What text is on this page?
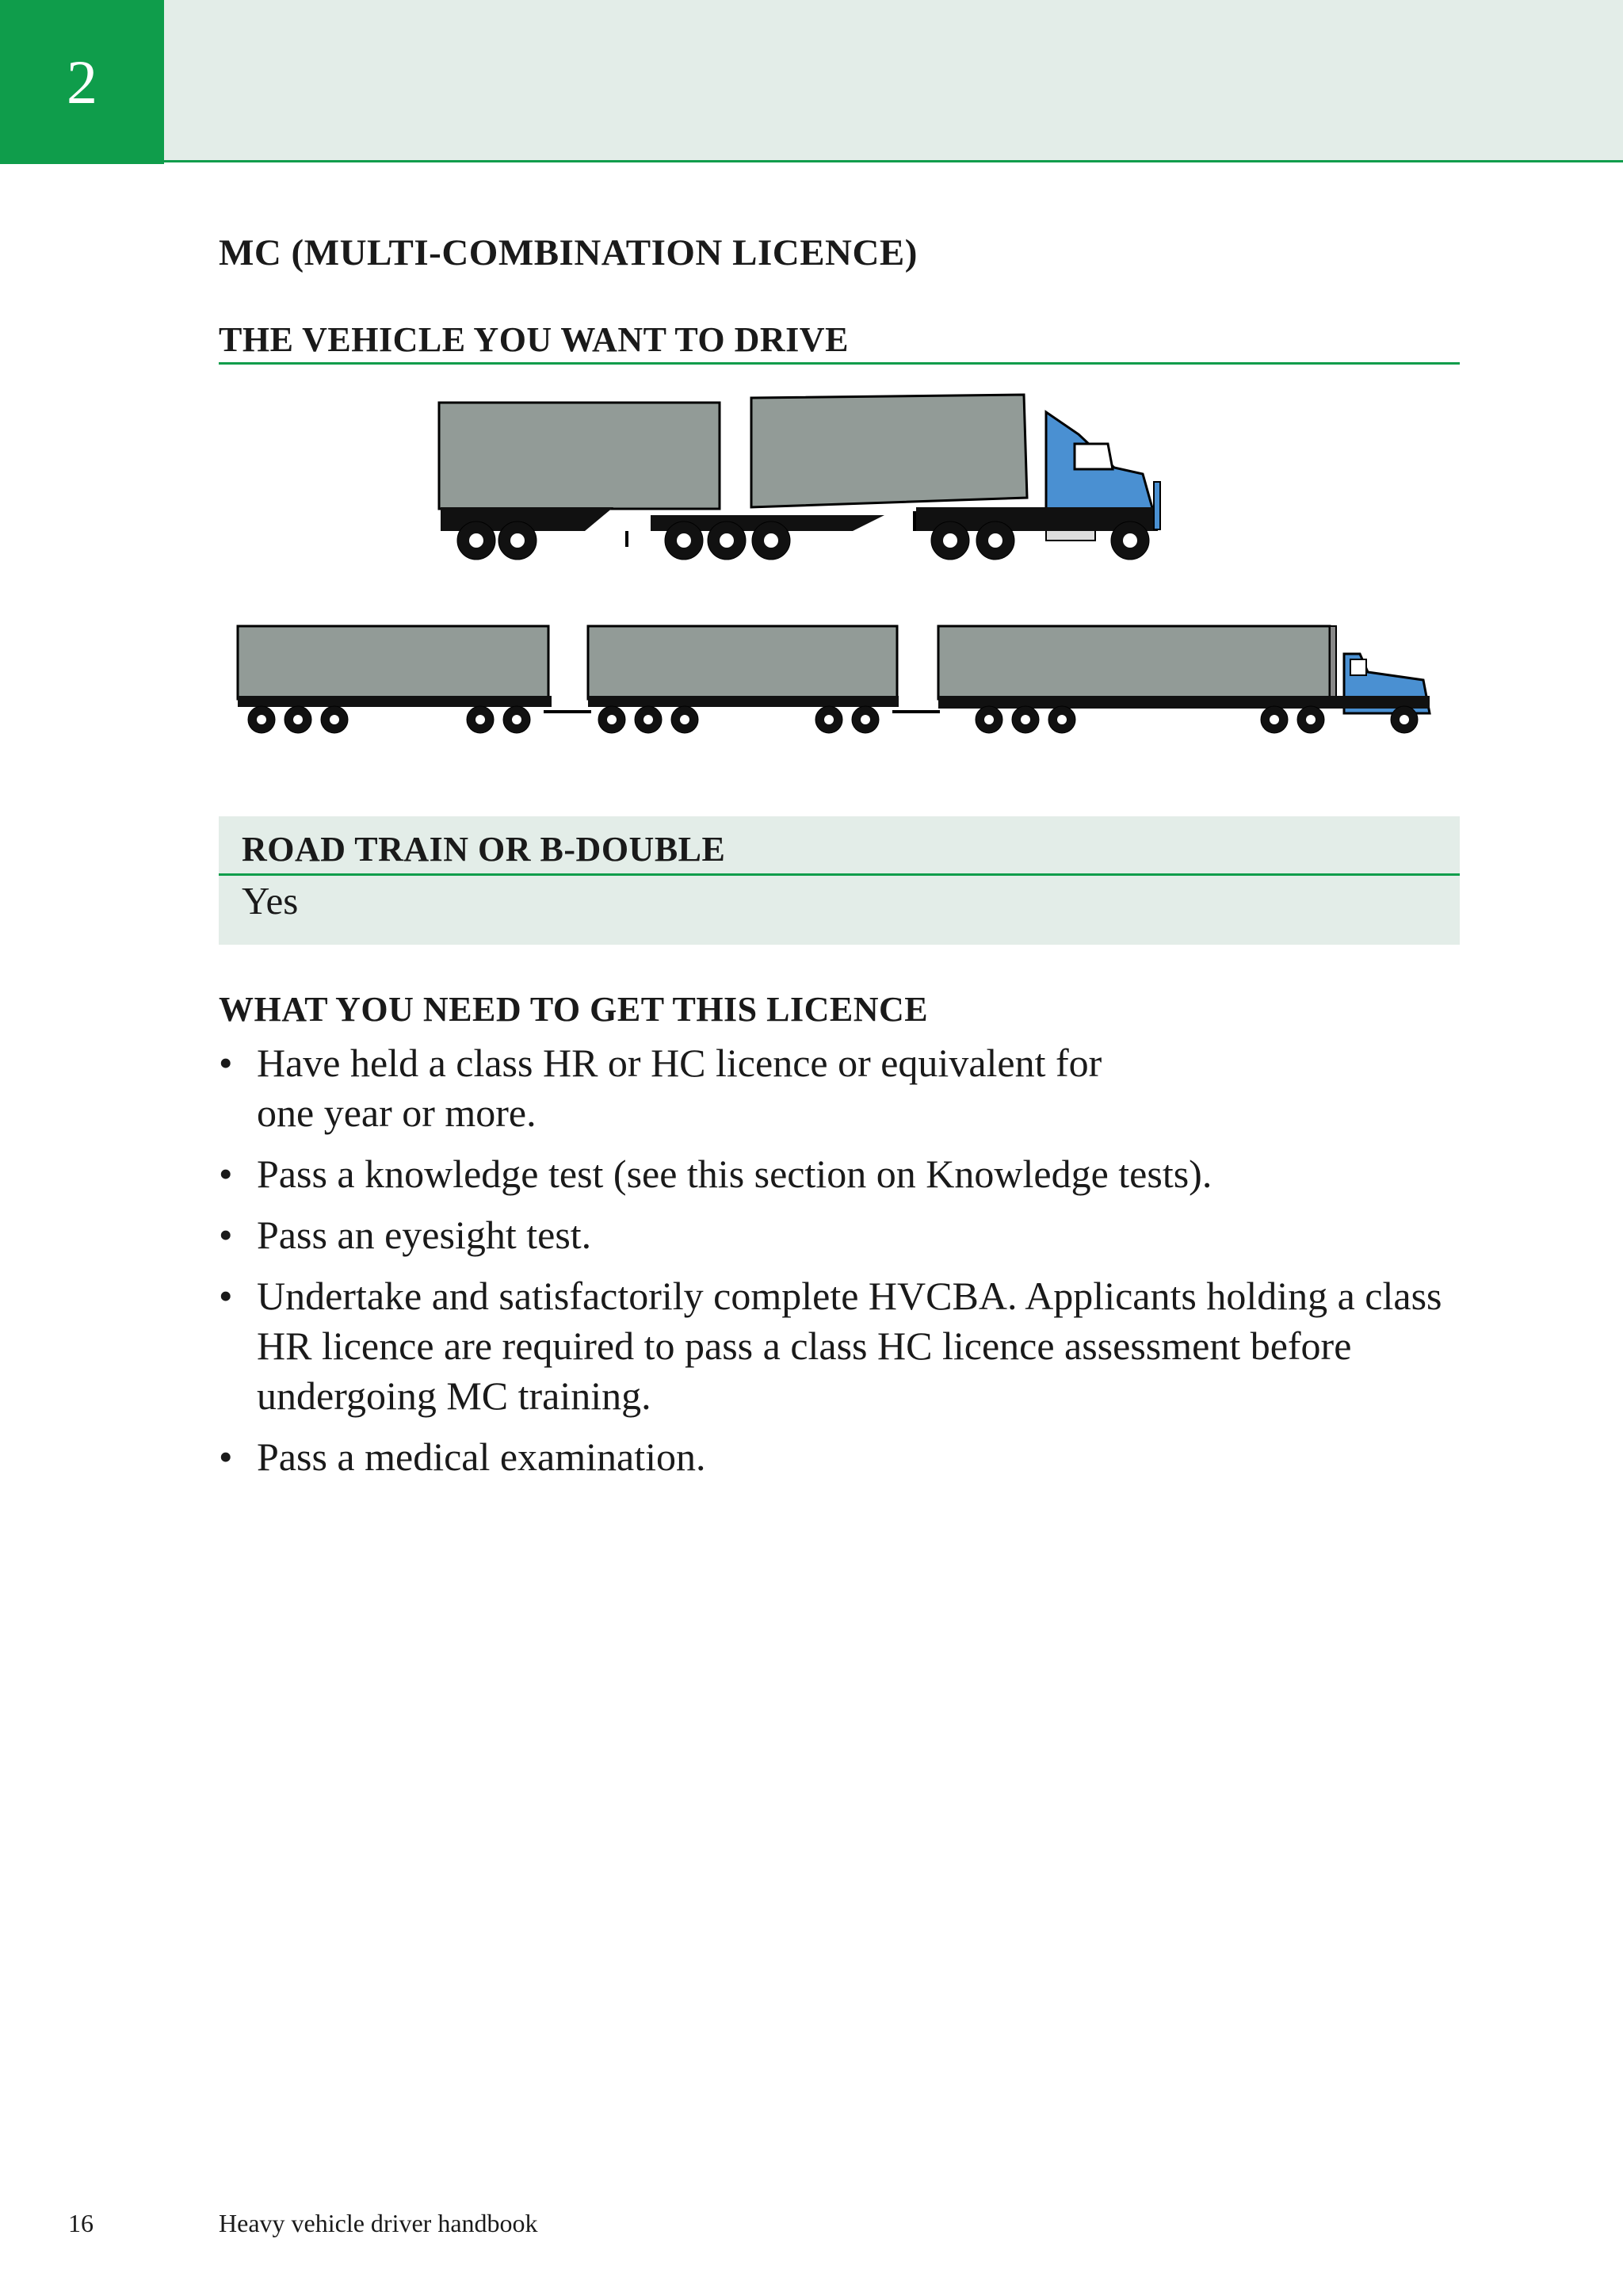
2
MC (MULTI-COMBINATION LICENCE)
THE VEHICLE YOU WANT TO DRIVE
ROAD TRAIN OR B-DOUBLE
Yes
WHAT YOU NEED TO GET THIS LICENCE
• Have held a class HR or HC licence or equivalent for one year or more.
• Pass a knowledge test (see this section on Knowledge tests).
• Pass an eyesight test.
• Undertake and satisfactorily complete HVCBA. Applicants holding a class HR licence are required to pass a class HC licence assessment before undergoing MC training.
• Pass a medical examination.
16	Heavy vehicle driver handbook
